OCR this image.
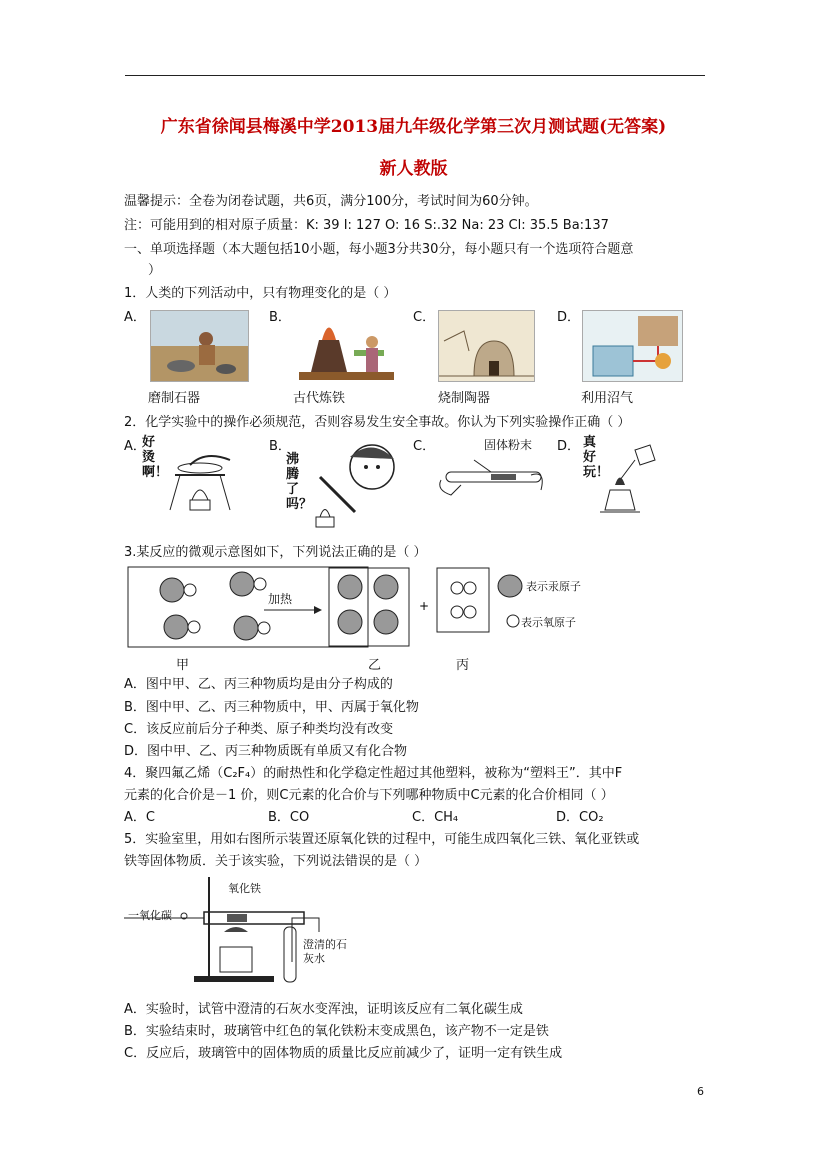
广东省徐闻县梅溪中学2013届九年级化学第三次月测试题(无答案)
新人教版
温馨提示：全卷为闭卷试题，共6页，满分100分，考试时间为60分钟。
注：可能用到的相对原子质量：K: 39 I: 127 O: 16 S:.32 Na: 23 Cl: 35.5 Ba:137
一、单项选择题（本大题包括10小题，每小题3分共30分，每小题只有一个选项符合题意
）
1．人类的下列活动中，只有物理变化的是（ ）
A．	B．	C．	D．
磨制石器	古代炼铁	烧制陶器	利用沼气
2．化学实验中的操作必须规范，否则容易发生安全事故。你认为下列实验操作正确（ ）
A．	B．	C．	D．
好烫啊！
沸腾了吗？
固体粉末	真好玩！
3.某反应的微观示意图如下，下列说法正确的是（ ）
+
加热
表示汞原子
表示氧原子
甲	乙	丙
A．图中甲、乙、丙三种物质均是由分子构成的
B．图中甲、乙、丙三种物质中，甲、丙属于氧化物
C．该反应前后分子种类、原子种类均没有改变
D．图中甲、乙、丙三种物质既有单质又有化合物
4．聚四氟乙烯（C₂F₄）的耐热性和化学稳定性超过其他塑料，被称为“塑料王”．其中F
元素的化合价是－1 价，则C元素的化合价与下列哪种物质中C元素的化合价相同（ ）
A．C	B．CO	C．CH₄	D．CO₂
5．实验室里，用如右图所示装置还原氧化铁的过程中，可能生成四氧化三铁、氧化亚铁或
铁等固体物质．关于该实验，下列说法错误的是（ ）
一氧化碳
氧化铁
澄清的石灰水
A．实验时，试管中澄清的石灰水变浑浊，证明该反应有二氧化碳生成
B．实验结束时，玻璃管中红色的氧化铁粉末变成黑色，该产物不一定是铁
C．反应后，玻璃管中的固体物质的质量比反应前减少了，证明一定有铁生成
6
